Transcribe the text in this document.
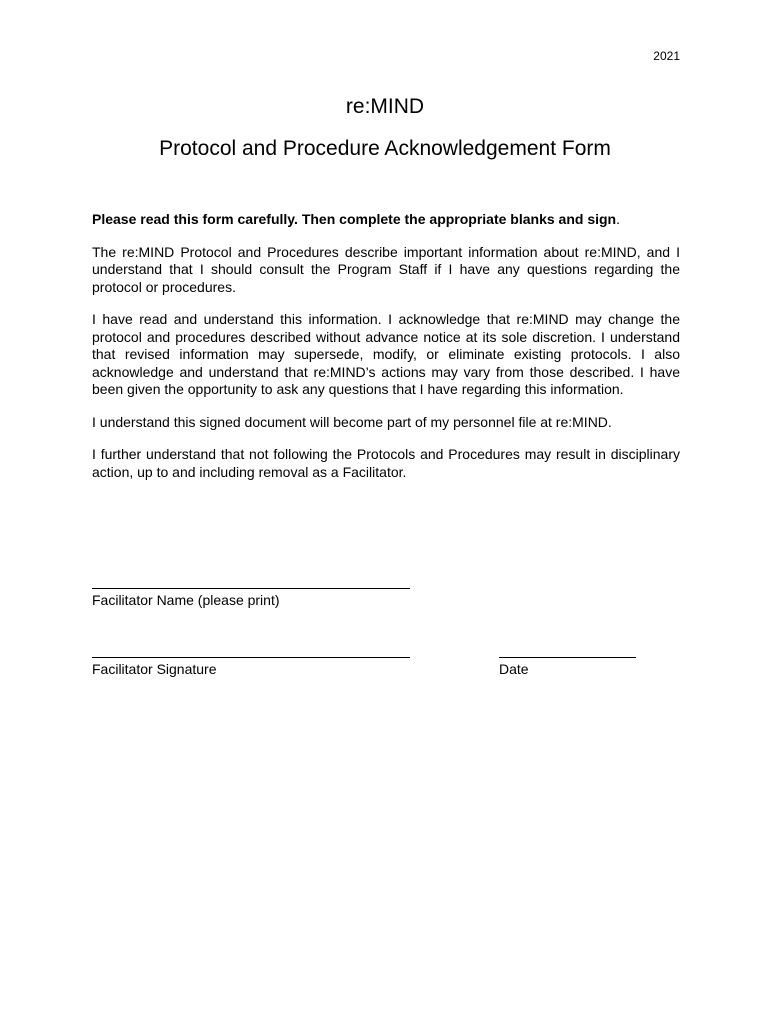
2021
re:MIND
Protocol and Procedure Acknowledgement Form

Please read this form carefully. Then complete the appropriate blanks and sign.

The re:MIND Protocol and Procedures describe important information about re:MIND, and I understand that I should consult the Program Staff if I have any questions regarding the protocol or procedures.

I have read and understand this information. I acknowledge that re:MIND may change the protocol and procedures described without advance notice at its sole discretion. I understand that revised information may supersede, modify, or eliminate existing protocols. I also acknowledge and understand that re:MIND’s actions may vary from those described. I have been given the opportunity to ask any questions that I have regarding this information.

I understand this signed document will become part of my personnel file at re:MIND.

I further understand that not following the Protocols and Procedures may result in disciplinary action, up to and including removal as a Facilitator.

Facilitator Name (please print)
Facilitator Signature	Date
